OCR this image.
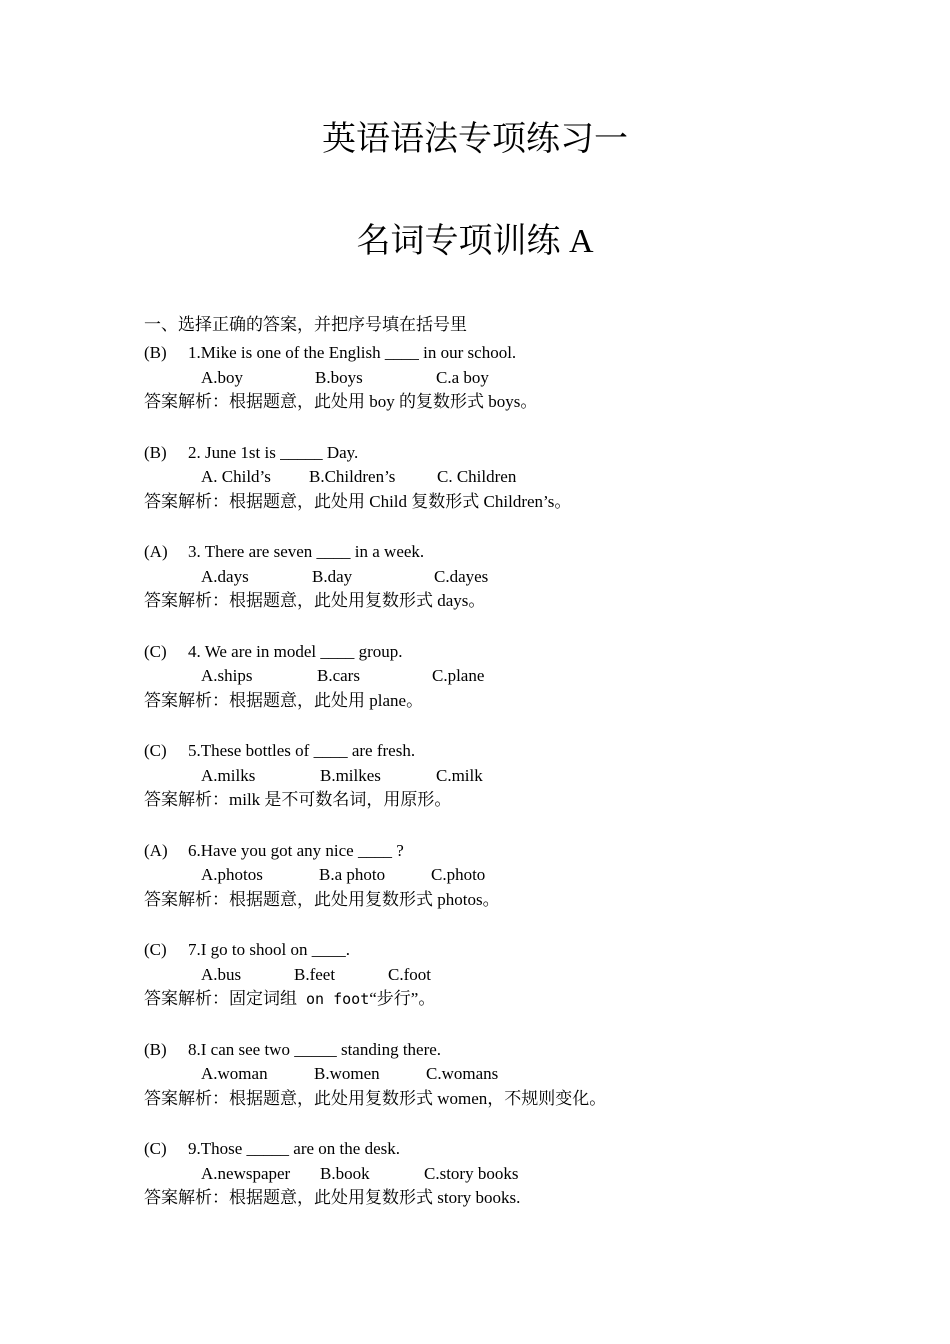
英语语法专项练习一
名词专项训练 A
一、选择正确的答案，并把序号填在括号里
(B) 1.Mike is one of the English ____ in our school.
A.boy	B.boys	C.a boy
答案解析：根据题意，此处用 boy 的复数形式 boys。
(B) 2. June 1st is _____ Day.
A. Child’s B.Children’s C. Children
答案解析：根据题意，此处用 Child 复数形式 Children’s。
(A) 3. There are seven ____ in a week.
A.days	B.day	C.dayes
答案解析：根据题意，此处用复数形式 days。
(C) 4. We are in model ____ group.
A.ships	B.cars	C.plane
答案解析：根据题意，此处用 plane。
(C) 5.These bottles of ____ are fresh.
A.milks	B.milkes	C.milk
答案解析：milk 是不可数名词，用原形。
(A) 6.Have you got any nice ____ ?
A.photos	B.a photo	C.photo
答案解析：根据题意，此处用复数形式 photos。
(C) 7.I go to shool on ____.
A.bus	B.feet	C.foot
答案解析：固定词组 on foot“步行”。
(B) 8.I can see two _____ standing there.
A.woman	B.women	C.womans
答案解析：根据题意，此处用复数形式 women，不规则变化。
(C) 9.Those _____ are on the desk.
A.newspaper B.book	C.story books
答案解析：根据题意，此处用复数形式 story books.
